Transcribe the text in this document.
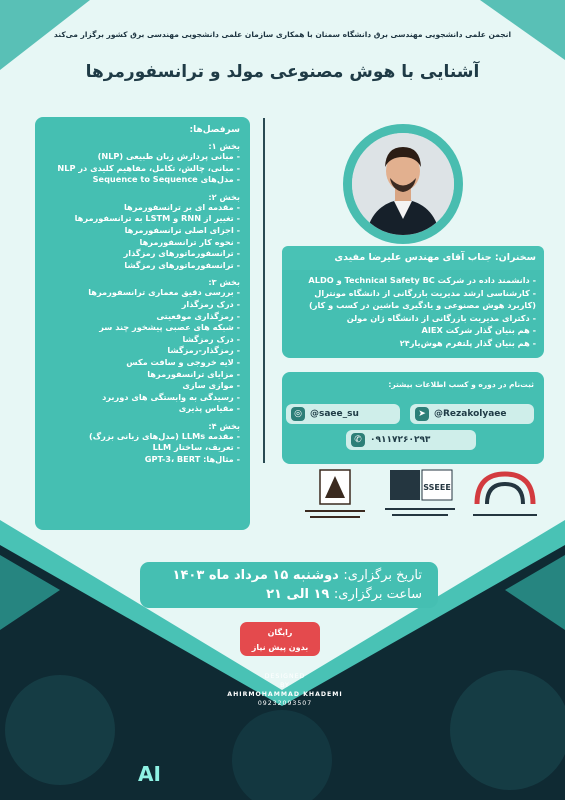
انجمن علمی دانشجویی مهندسی برق دانشگاه سمنان با همکاری سازمان علمی دانشجویی مهندسی برق کشور برگزار می‌کند
آشنایی با هوش مصنوعی مولد و ترانسفورمرها
سرفصل‌ها:
بخش ۱:
- مبانی پردازش زبان طبیعی (NLP)
- مبانی، چالش، تکامل، مفاهیم کلیدی در NLP
- مدل‌های Sequence to Sequence
بخش ۲:
- مقدمه ای بر ترانسفورمرها
- تغییر از RNN و LSTM به ترانسفورمرها
- اجزای اصلی ترانسفورمرها
- نحوه کار ترانسفورمرها
- ترانسفورماتورهای رمزگذار
- ترانسفورماتورهای رمزگشا
بخش ۳:
- بررسی دقیق معماری ترانسفورمرها
- درک رمزگذار
- رمزگذاری موقعیتی
- شبکه های عصبی پیشخور چند سر
- درک رمزگشا
- رمزگذار-رمزگشا
- لایه خروجی و سافت مکس
- مزایای ترانسفورمرها
- موازی سازی
- رسیدگی به وابستگی های دوربرد
- مقیاس پذیری
بخش ۴:
- مقدمه LLMs (مدل‌های زبانی بزرگ)
- تعریف، ساختار LLM
- مثال‌ها: GPT-3، BERT
سخنران: جناب آقای مهندس علیرضا مفیدی
- دانشمند داده در شرکت Technical Safety BC و ALDO
- کارشناسی ارشد مدیریت بازرگانی از دانشگاه مونترال
(کاربرد هوش مصنوعی و یادگیری ماشین در کسب و کار)
- دکترای مدیریت بازرگانی از دانشگاه ژان مولن
- هم بنیان گذار شرکت AIEX
- هم بنیان گذار پلتفرم هوش‌یار۲۴
ثبت‌نام در دوره و کسب اطلاعات بیشتر:
➤ @Rezakolyaee
◎ @saee_su
✆ ۰۹۱۱۷۲۶۰۲۹۳
SSEEE
تاریخ برگزاری: دوشنبه ۱۵ مرداد ماه ۱۴۰۳
ساعت برگزاری: ۱۹ الی ۲۱
رایگان
بدون پیش نیاز
DESIGNED
BY
AHIRMOHAMMAD KHADEMI
09232093507
AI
